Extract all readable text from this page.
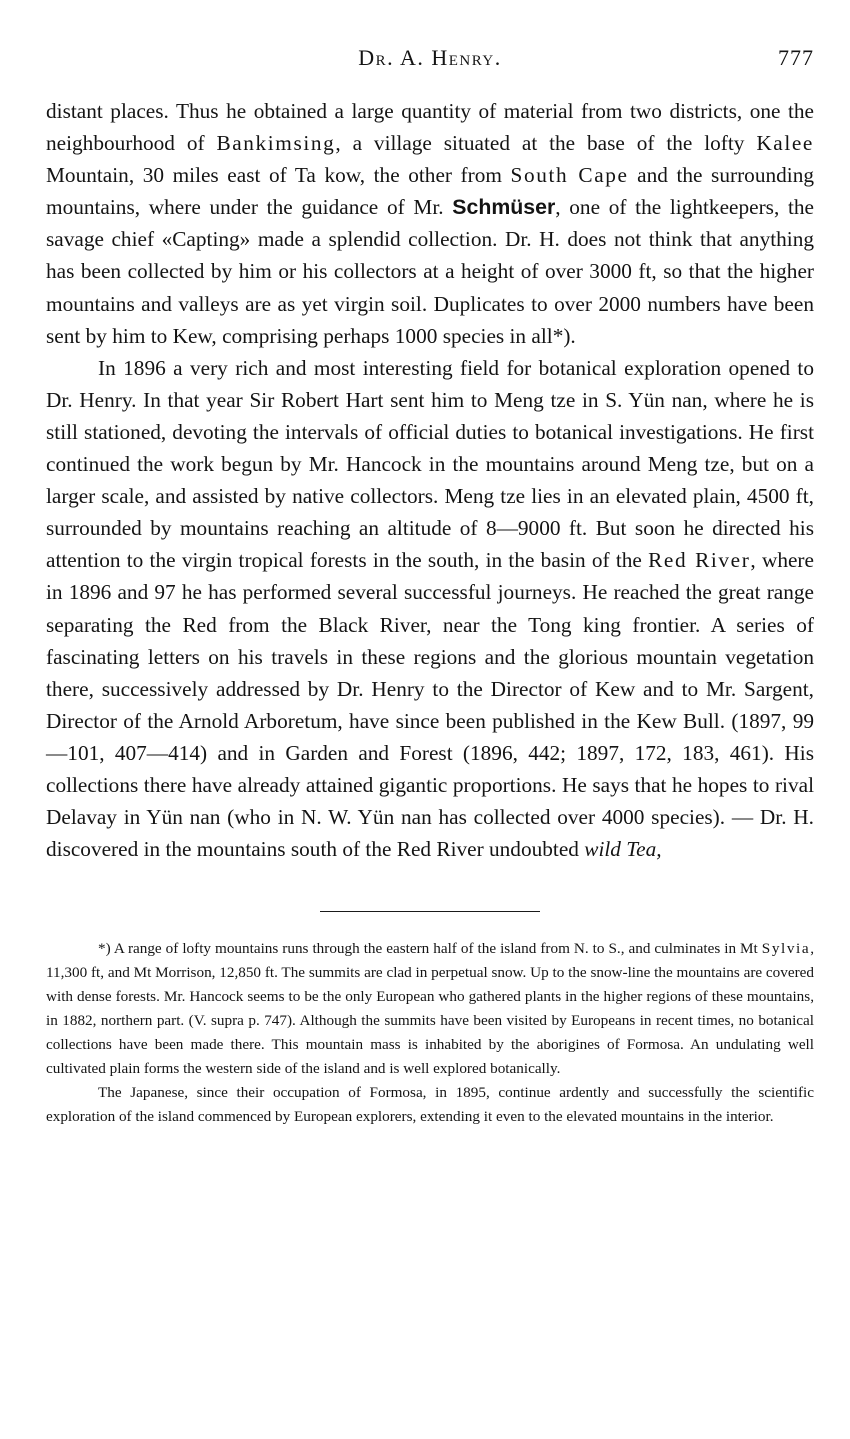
Dr. A. Henry.	777

distant places. Thus he obtained a large quantity of material from two districts, one the neighbourhood of Bankimsing, a village situated at the base of the lofty Kalee Mountain, 30 miles east of Ta kow, the other from South Cape and the surrounding mountains, where under the guidance of Mr. Schmüser, one of the lightkeepers, the savage chief «Capting» made a splendid collection. Dr. H. does not think that anything has been collected by him or his collectors at a height of over 3000 ft, so that the higher mountains and valleys are as yet virgin soil. Duplicates to over 2000 numbers have been sent by him to Kew, comprising perhaps 1000 species in all*).

In 1896 a very rich and most interesting field for botanical exploration opened to Dr. Henry. In that year Sir Robert Hart sent him to Meng tze in S. Yün nan, where he is still stationed, devoting the intervals of official duties to botanical investigations. He first continued the work begun by Mr. Hancock in the mountains around Meng tze, but on a larger scale, and assisted by native collectors. Meng tze lies in an elevated plain, 4500 ft, surrounded by mountains reaching an altitude of 8—9000 ft. But soon he directed his attention to the virgin tropical forests in the south, in the basin of the Red River, where in 1896 and 97 he has performed several successful journeys. He reached the great range separating the Red from the Black River, near the Tong king frontier. A series of fascinating letters on his travels in these regions and the glorious mountain vegetation there, successively addressed by Dr. Henry to the Director of Kew and to Mr. Sargent, Director of the Arnold Arboretum, have since been published in the Kew Bull. (1897, 99—101, 407—414) and in Garden and Forest (1896, 442; 1897, 172, 183, 461). His collections there have already attained gigantic proportions. He says that he hopes to rival Delavay in Yün nan (who in N. W. Yün nan has collected over 4000 species). — Dr. H. discovered in the mountains south of the Red River undoubted wild Tea,

*) A range of lofty mountains runs through the eastern half of the island from N. to S., and culminates in Mt Sylvia, 11,300 ft, and Mt Morrison, 12,850 ft. The summits are clad in perpetual snow. Up to the snow-line the mountains are covered with dense forests. Mr. Hancock seems to be the only European who gathered plants in the higher regions of these mountains, in 1882, northern part. (V. supra p. 747). Although the summits have been visited by Europeans in recent times, no botanical collections have been made there. This mountain mass is inhabited by the aborigines of Formosa. An undulating well cultivated plain forms the western side of the island and is well explored botanically.

The Japanese, since their occupation of Formosa, in 1895, continue ardently and successfully the scientific exploration of the island commenced by European explorers, extending it even to the elevated mountains in the interior.
